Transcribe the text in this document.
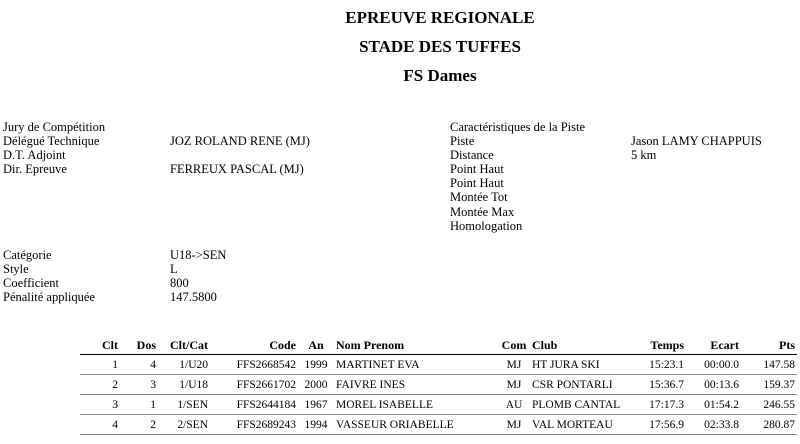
EPREUVE REGIONALE
STADE DES TUFFES
FS Dames
Jury de Compétition
Délégué Technique	JOZ ROLAND RENE (MJ)
D.T. Adjoint
Dir. Epreuve	FERREUX PASCAL (MJ)
Caractéristiques de la Piste
Piste	Jason LAMY CHAPPUIS
Distance	5 km
Point Haut
Point Haut
Montée Tot
Montée Max
Homologation
Catégorie	U18->SEN
Style	L
Coefficient	800
Pénalité appliquée	147.5800
Clt	Dos	Clt/Cat	Code	An	Nom Prenom	Com	Club	Temps	Ecart	Pts
1	4	1/U20	FFS2668542	1999	MARTINET EVA	MJ	HT JURA SKI	15:23.1	00:00.0	147.58
2	3	1/U18	FFS2661702	2000	FAIVRE INES	MJ	CSR PONTARLI	15:36.7	00:13.6	159.37
3	1	1/SEN	FFS2644184	1967	MOREL ISABELLE	AU	PLOMB CANTAL	17:17.3	01:54.2	246.55
4	2	2/SEN	FFS2689243	1994	VASSEUR ORIABELLE	MJ	VAL MORTEAU	17:56.9	02:33.8	280.87
